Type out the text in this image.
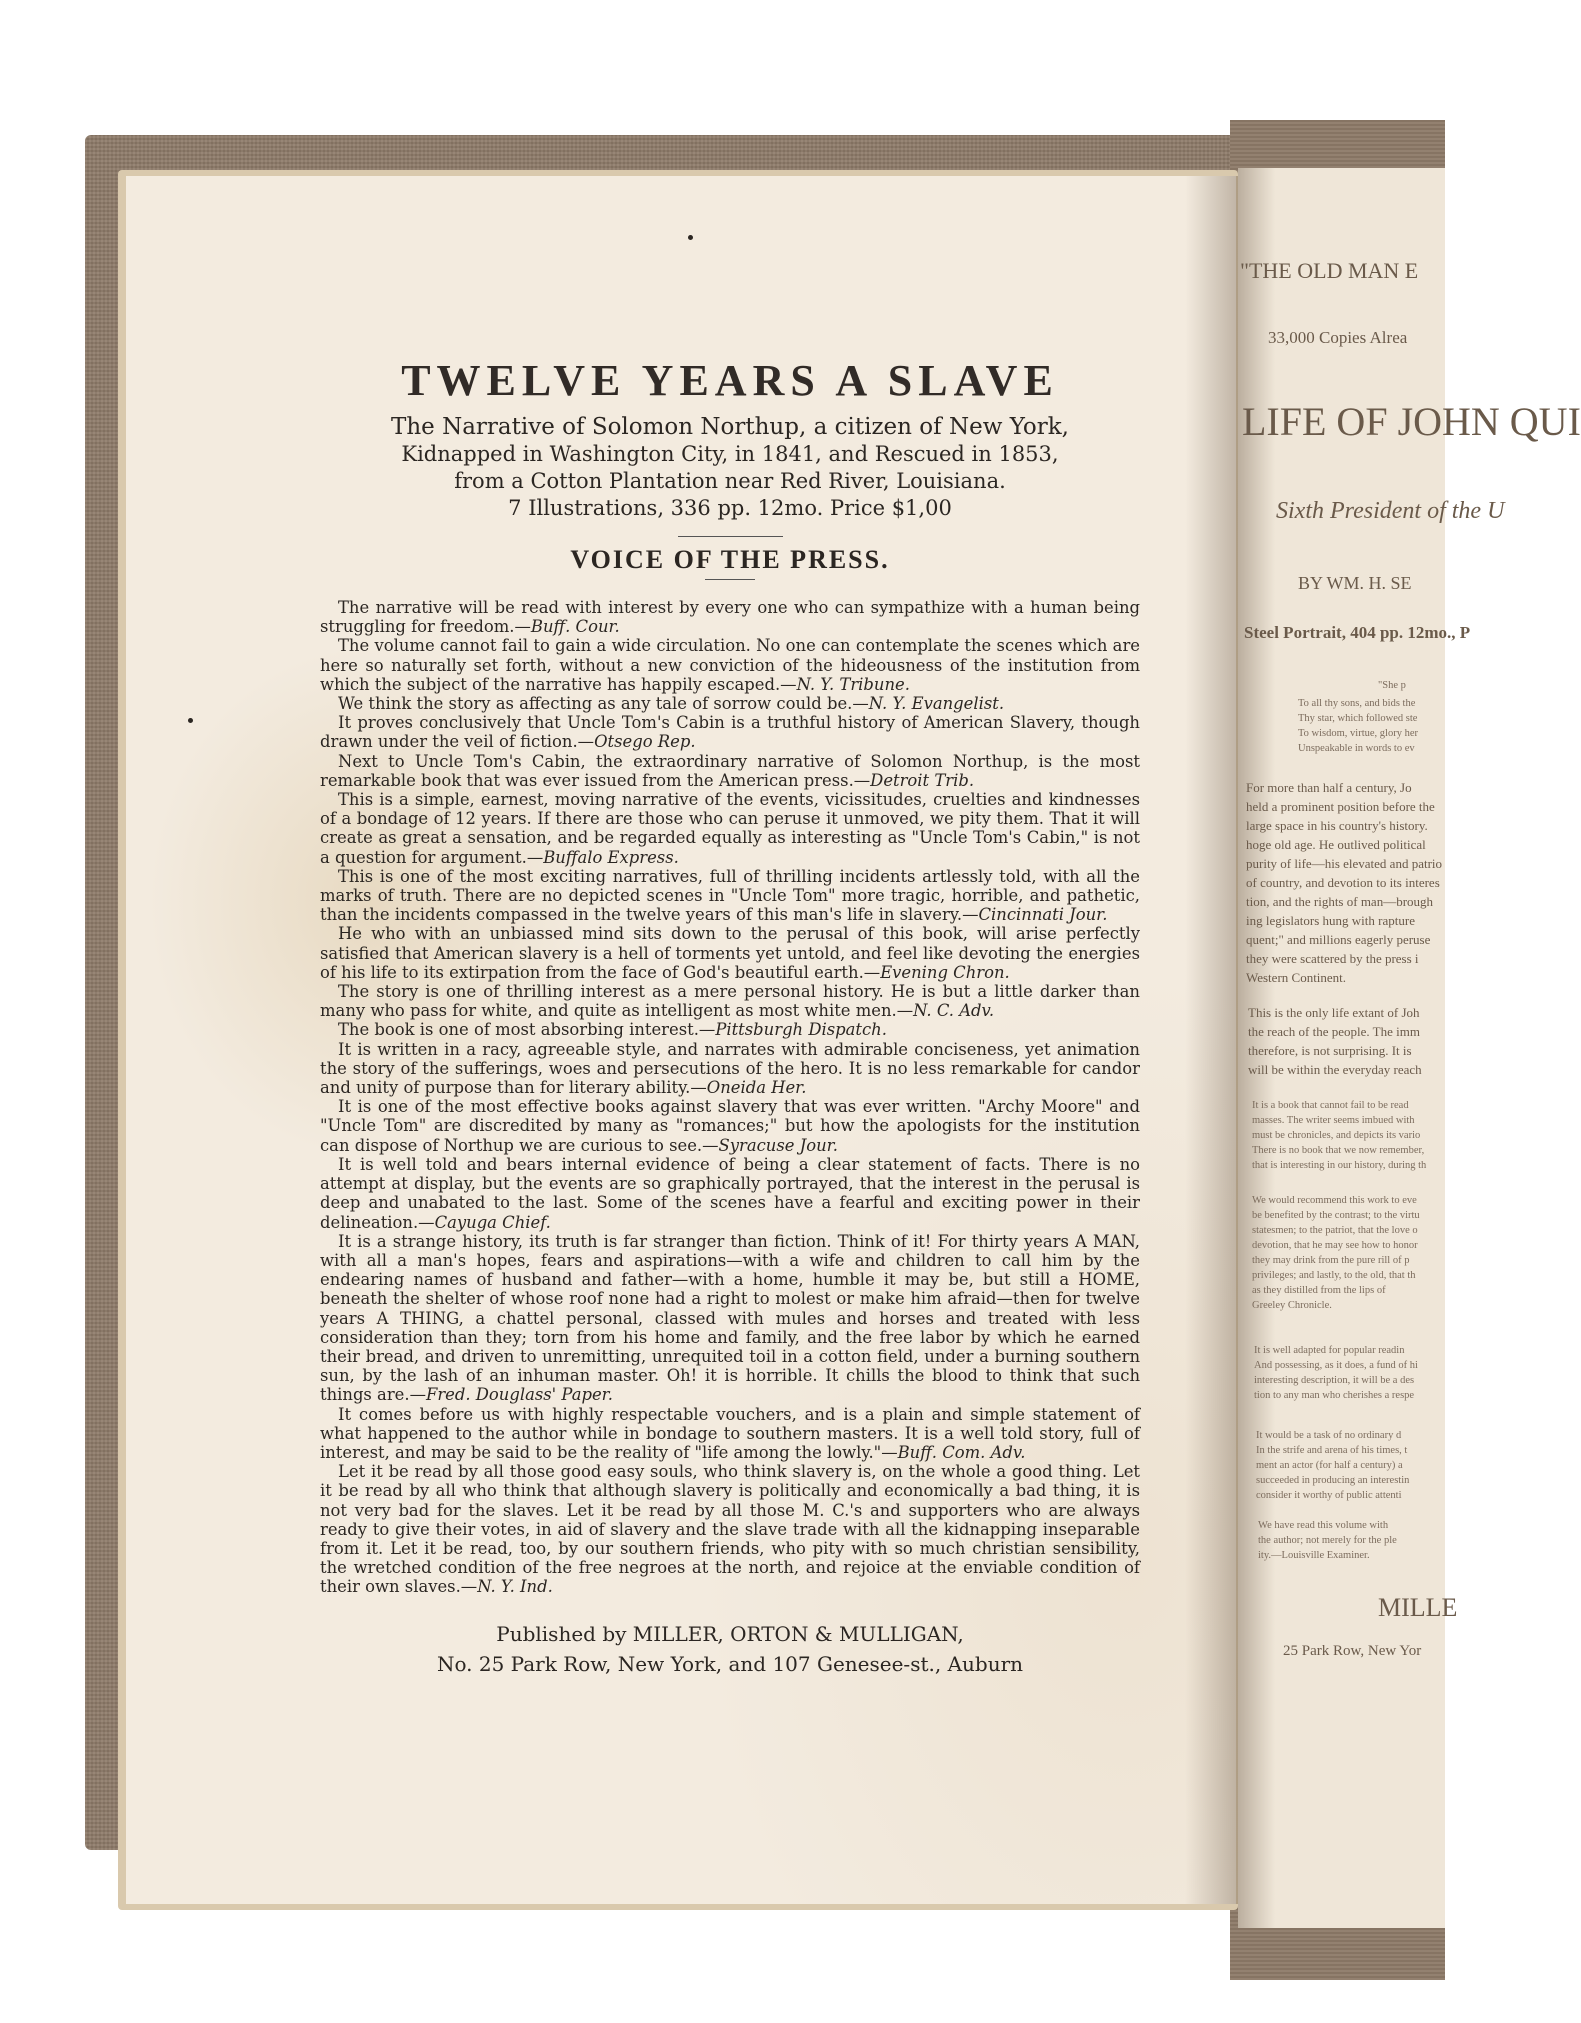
TWELVE YEARS A SLAVE

The Narrative of Solomon Northup, a citizen of New York,

Kidnapped in Washington City, in 1841, and Rescued in 1853,

from a Cotton Plantation near Red River, Louisiana.

7 Illustrations, 336 pp. 12mo. Price $1,00

VOICE OF THE PRESS.

The narrative will be read with interest by every one who can sympathize with a human being struggling for freedom.—Buff. Cour.

The volume cannot fail to gain a wide circulation. No one can contemplate the scenes which are here so naturally set forth, without a new conviction of the hideousness of the institution from which the subject of the narrative has happily escaped.—N. Y. Tribune.

We think the story as affecting as any tale of sorrow could be.—N. Y. Evangelist.

It proves conclusively that Uncle Tom's Cabin is a truthful history of American Slavery, though drawn under the veil of fiction.—Otsego Rep.

Next to Uncle Tom's Cabin, the extraordinary narrative of Solomon Northup, is the most remarkable book that was ever issued from the American press.—Detroit Trib.

This is a simple, earnest, moving narrative of the events, vicissitudes, cruelties and kindnesses of a bondage of 12 years. If there are those who can peruse it unmoved, we pity them. That it will create as great a sensation, and be regarded equally as interesting as "Uncle Tom's Cabin," is not a question for argument.—Buffalo Express.

This is one of the most exciting narratives, full of thrilling incidents artlessly told, with all the marks of truth. There are no depicted scenes in "Uncle Tom" more tragic, horrible, and pathetic, than the incidents compassed in the twelve years of this man's life in slavery.—Cincinnati Jour.

He who with an unbiassed mind sits down to the perusal of this book, will arise perfectly satisfied that American slavery is a hell of torments yet untold, and feel like devoting the energies of his life to its extirpation from the face of God's beautiful earth.—Evening Chron.

The story is one of thrilling interest as a mere personal history. He is but a little darker than many who pass for white, and quite as intelligent as most white men.—N. C. Adv.

The book is one of most absorbing interest.—Pittsburgh Dispatch.

It is written in a racy, agreeable style, and narrates with admirable conciseness, yet animation the story of the sufferings, woes and persecutions of the hero. It is no less remarkable for candor and unity of purpose than for literary ability.—Oneida Her.

It is one of the most effective books against slavery that was ever written. "Archy Moore" and "Uncle Tom" are discredited by many as "romances;" but how the apologists for the institution can dispose of Northup we are curious to see.—Syracuse Jour.

It is well told and bears internal evidence of being a clear statement of facts. There is no attempt at display, but the events are so graphically portrayed, that the interest in the perusal is deep and unabated to the last. Some of the scenes have a fearful and exciting power in their delineation.—Cayuga Chief.

It is a strange history, its truth is far stranger than fiction. Think of it! For thirty years A MAN, with all a man's hopes, fears and aspirations—with a wife and children to call him by the endearing names of husband and father—with a home, humble it may be, but still a HOME, beneath the shelter of whose roof none had a right to molest or make him afraid—then for twelve years A THING, a chattel personal, classed with mules and horses and treated with less consideration than they; torn from his home and family, and the free labor by which he earned their bread, and driven to unremitting, unrequited toil in a cotton field, under a burning southern sun, by the lash of an inhuman master. Oh! it is horrible. It chills the blood to think that such things are.—Fred. Douglass' Paper.

It comes before us with highly respectable vouchers, and is a plain and simple statement of what happened to the author while in bondage to southern masters. It is a well told story, full of interest, and may be said to be the reality of "life among the lowly."—Buff. Com. Adv.

Let it be read by all those good easy souls, who think slavery is, on the whole a good thing. Let it be read by all who think that although slavery is politically and economically a bad thing, it is not very bad for the slaves. Let it be read by all those M. C.'s and supporters who are always ready to give their votes, in aid of slavery and the slave trade with all the kidnapping inseparable from it. Let it be read, too, by our southern friends, who pity with so much christian sensibility, the wretched condition of the free negroes at the north, and rejoice at the enviable condition of their own slaves.—N. Y. Ind.

Published by MILLER, ORTON & MULLIGAN,
No. 25 Park Row, New York, and 107 Genesee-st., Auburn
"THE OLD MAN E
33,000 Copies Alrea
LIFE OF JOHN QUI
Sixth President of the U
BY WM. H. SE
Steel Portrait, 404 pp. 12mo., P
"She p
To all thy sons, and bids the
Thy star, which followed ste
To wisdom, virtue, glory her
Unspeakable in words to ev
For more than half a century, Jo
held a prominent position before the
large space in his country's history.
hoge old age. He outlived political
purity of life—his elevated and patrio
of country, and devotion to its interes
tion, and the rights of man—brough
ing legislators hung with rapture
quent;" and millions eagerly peruse
they were scattered by the press i
Western Continent.
This is the only life extant of Joh
the reach of the people. The imm
therefore, is not surprising. It is
will be within the everyday reach
It is a book that cannot fail to be read
masses. The writer seems imbued with
must be chronicles, and depicts its vario
There is no book that we now remember,
that is interesting in our history, during th
We would recommend this work to eve
be benefited by the contrast; to the virtu
statesmen; to the patriot, that the love o
devotion, that he may see how to honor
they may drink from the pure rill of p
privileges; and lastly, to the old, that th
as they distilled from the lips of
Greeley Chronicle.
It is well adapted for popular readin
And possessing, as it does, a fund of hi
interesting description, it will be a des
tion to any man who cherishes a respe
It would be a task of no ordinary d
In the strife and arena of his times, t
ment an actor (for half a century) a
succeeded in producing an interestin
consider it worthy of public attenti
We have read this volume with
the author; not merely for the ple
ity.—Louisville Examiner.
MILLE
25 Park Row, New Yor
